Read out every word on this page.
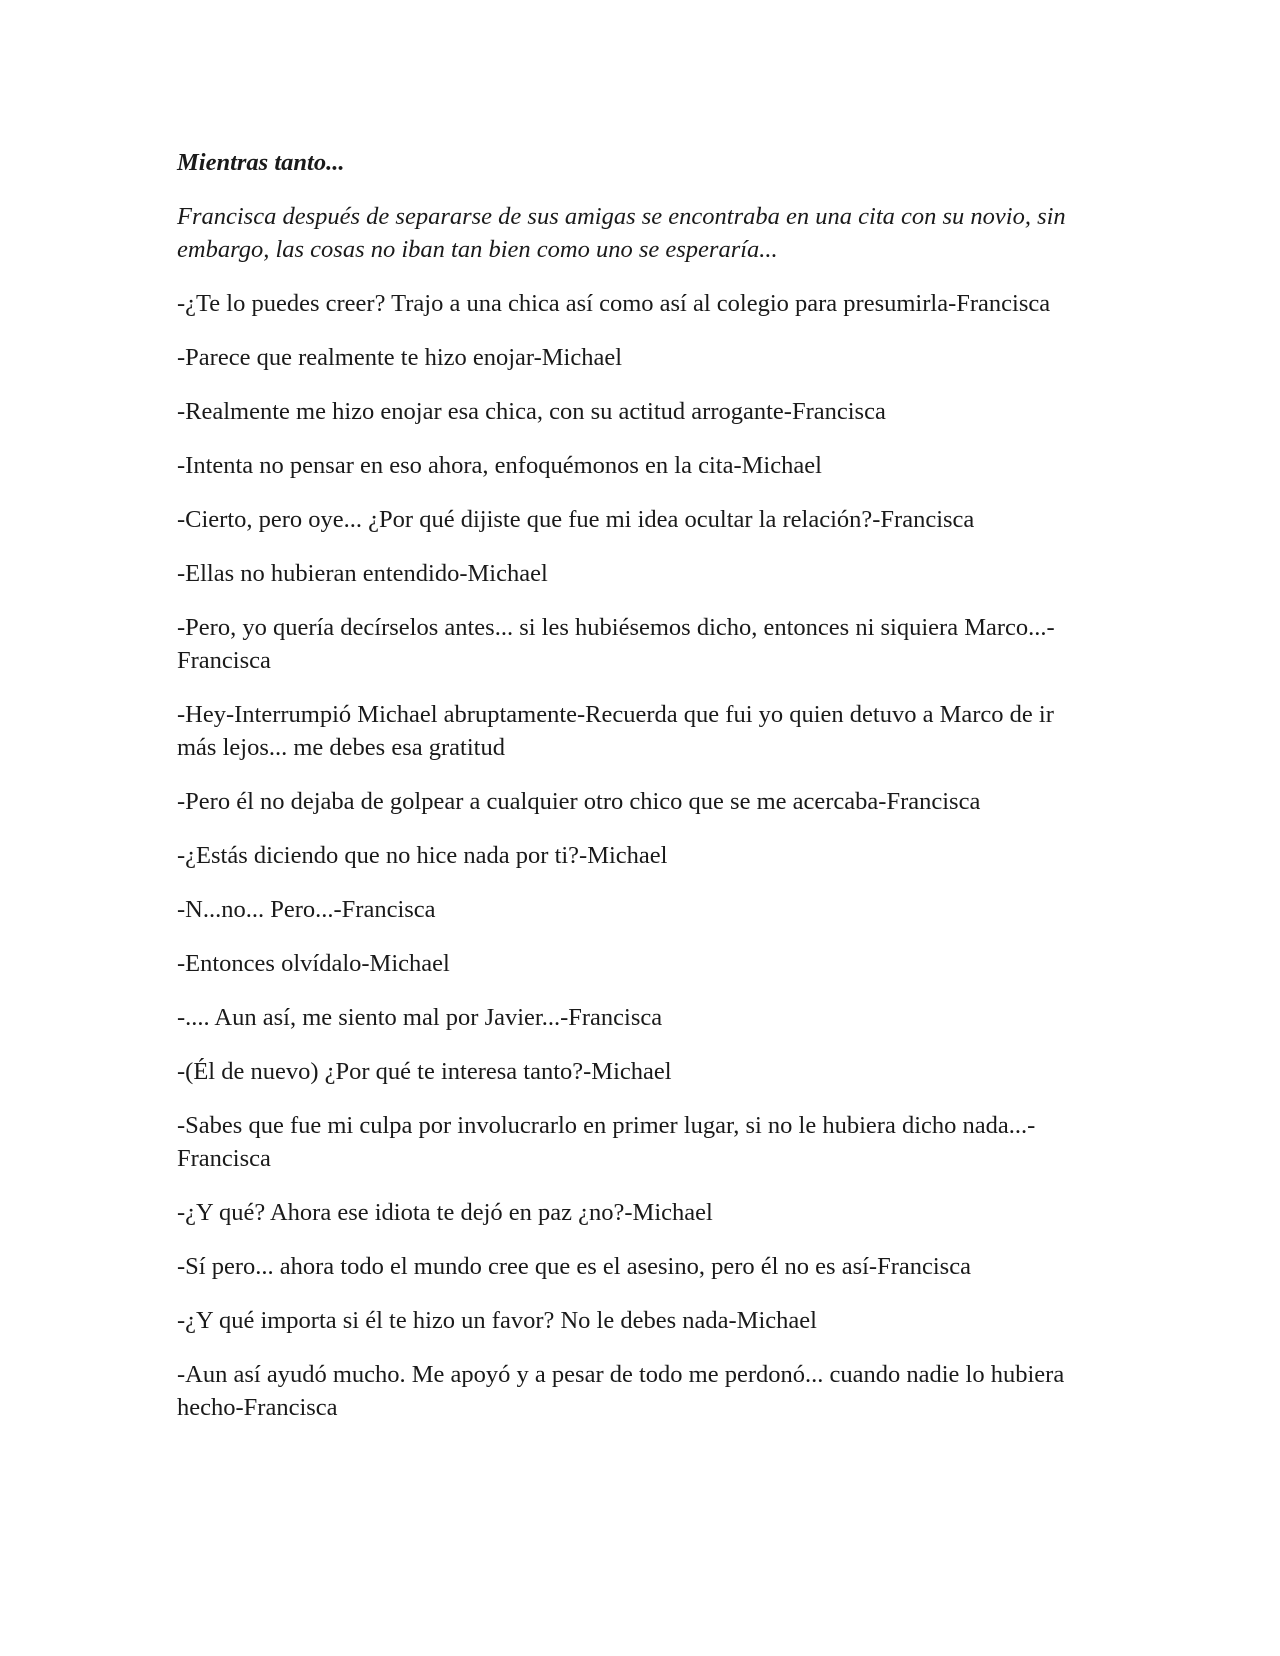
Mientras tanto...

Francisca después de separarse de sus amigas se encontraba en una cita con su novio, sin embargo, las cosas no iban tan bien como uno se esperaría...

-¿Te lo puedes creer? Trajo a una chica así como así al colegio para presumirla-Francisca

-Parece que realmente te hizo enojar-Michael

-Realmente me hizo enojar esa chica, con su actitud arrogante-Francisca

-Intenta no pensar en eso ahora, enfoquémonos en la cita-Michael

-Cierto, pero oye... ¿Por qué dijiste que fue mi idea ocultar la relación?-Francisca

-Ellas no hubieran entendido-Michael

-Pero, yo quería decírselos antes... si les hubiésemos dicho, entonces ni siquiera Marco...-Francisca

-Hey-Interrumpió Michael abruptamente-Recuerda que fui yo quien detuvo a Marco de ir más lejos... me debes esa gratitud

-Pero él no dejaba de golpear a cualquier otro chico que se me acercaba-Francisca

-¿Estás diciendo que no hice nada por ti?-Michael

-N...no... Pero...-Francisca

-Entonces olvídalo-Michael

-.... Aun así, me siento mal por Javier...-Francisca

-(Él de nuevo) ¿Por qué te interesa tanto?-Michael

-Sabes que fue mi culpa por involucrarlo en primer lugar, si no le hubiera dicho nada...-Francisca

-¿Y qué? Ahora ese idiota te dejó en paz ¿no?-Michael

-Sí pero... ahora todo el mundo cree que es el asesino, pero él no es así-Francisca

-¿Y qué importa si él te hizo un favor? No le debes nada-Michael

-Aun así ayudó mucho. Me apoyó y a pesar de todo me perdonó... cuando nadie lo hubiera hecho-Francisca
